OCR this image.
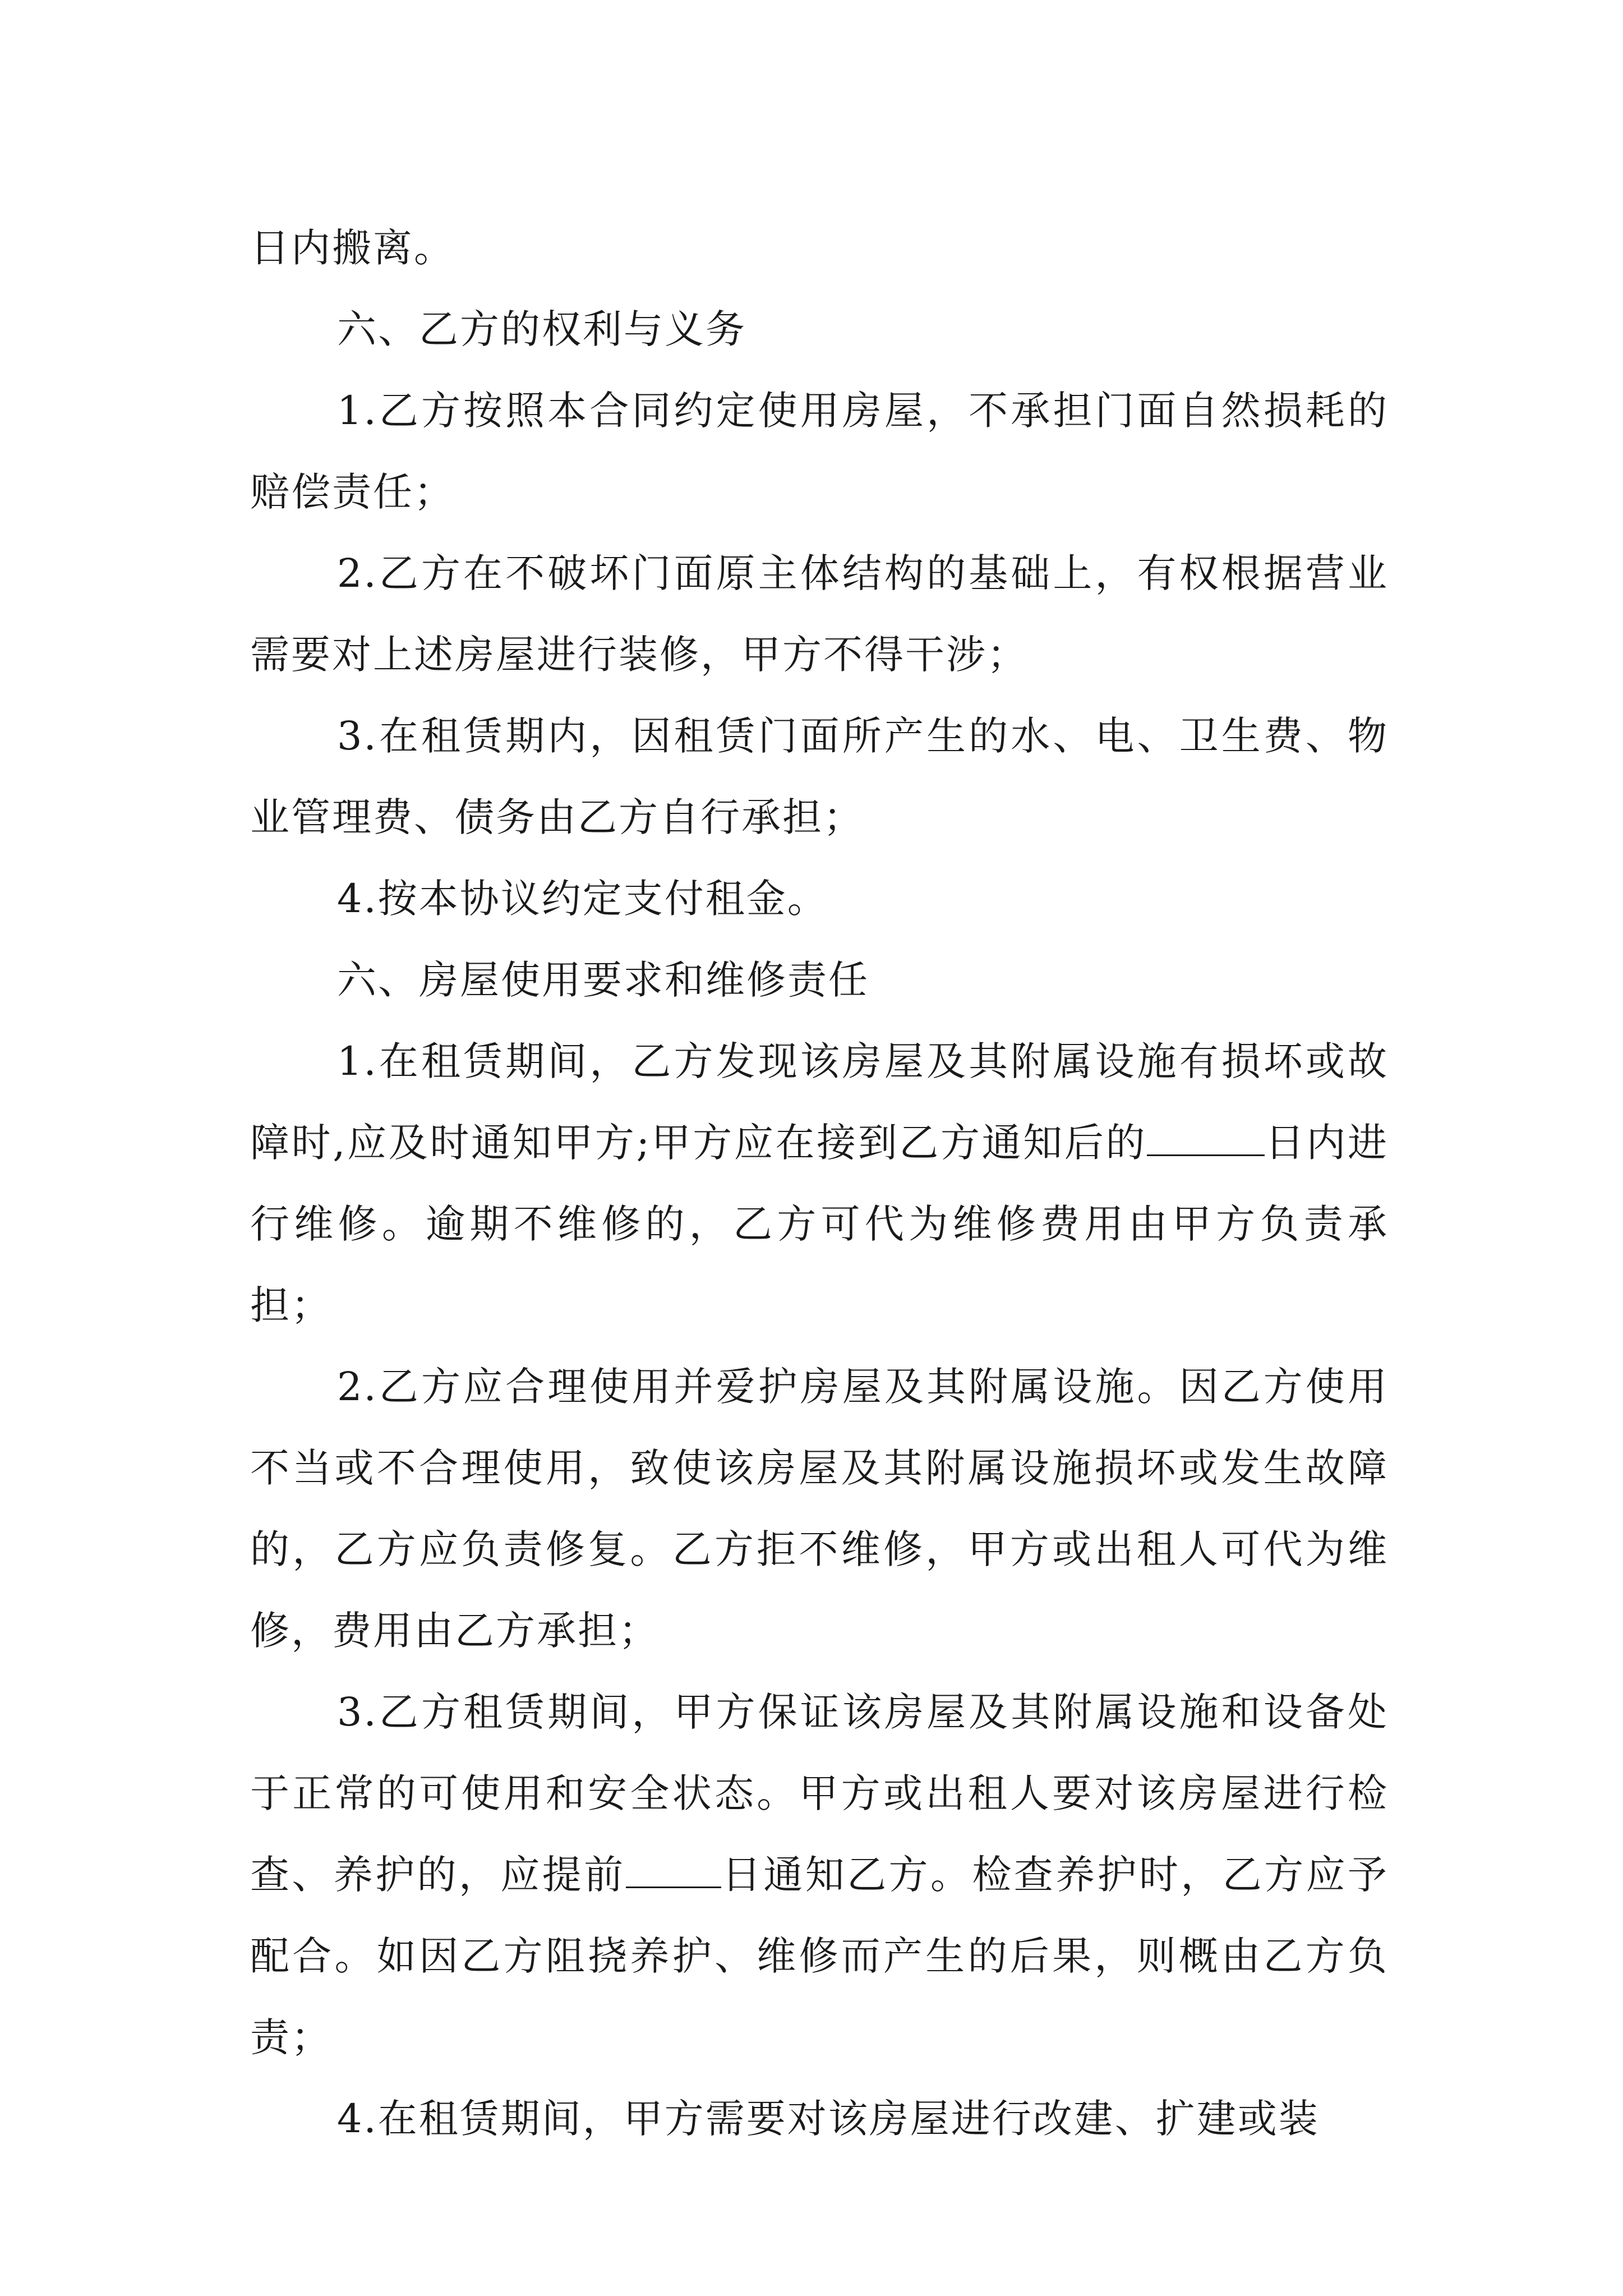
日内搬离。

六、乙方的权利与义务

1.乙方按照本合同约定使用房屋，不承担门面自然损耗的赔偿责任；

2.乙方在不破坏门面原主体结构的基础上，有权根据营业需要对上述房屋进行装修，甲方不得干涉；

3.在租赁期内，因租赁门面所产生的水、电、卫生费、物业管理费、债务由乙方自行承担；

4.按本协议约定支付租金。

六、房屋使用要求和维修责任

1.在租赁期间，乙方发现该房屋及其附属设施有损坏或故障时,应及时通知甲方;甲方应在接到乙方通知后的	日内进行维修。逾期不维修的，乙方可代为维修费用由甲方负责承担；

2.乙方应合理使用并爱护房屋及其附属设施。因乙方使用不当或不合理使用，致使该房屋及其附属设施损坏或发生故障的，乙方应负责修复。乙方拒不维修，甲方或出租人可代为维修，费用由乙方承担；

3.乙方租赁期间，甲方保证该房屋及其附属设施和设备处于正常的可使用和安全状态。甲方或出租人要对该房屋进行检查、养护的，应提前 日通知乙方。检查养护时，乙方应予配合。如因乙方阻挠养护、维修而产生的后果，则概由乙方负责；

4.在租赁期间，甲方需要对该房屋进行改建、扩建或装
